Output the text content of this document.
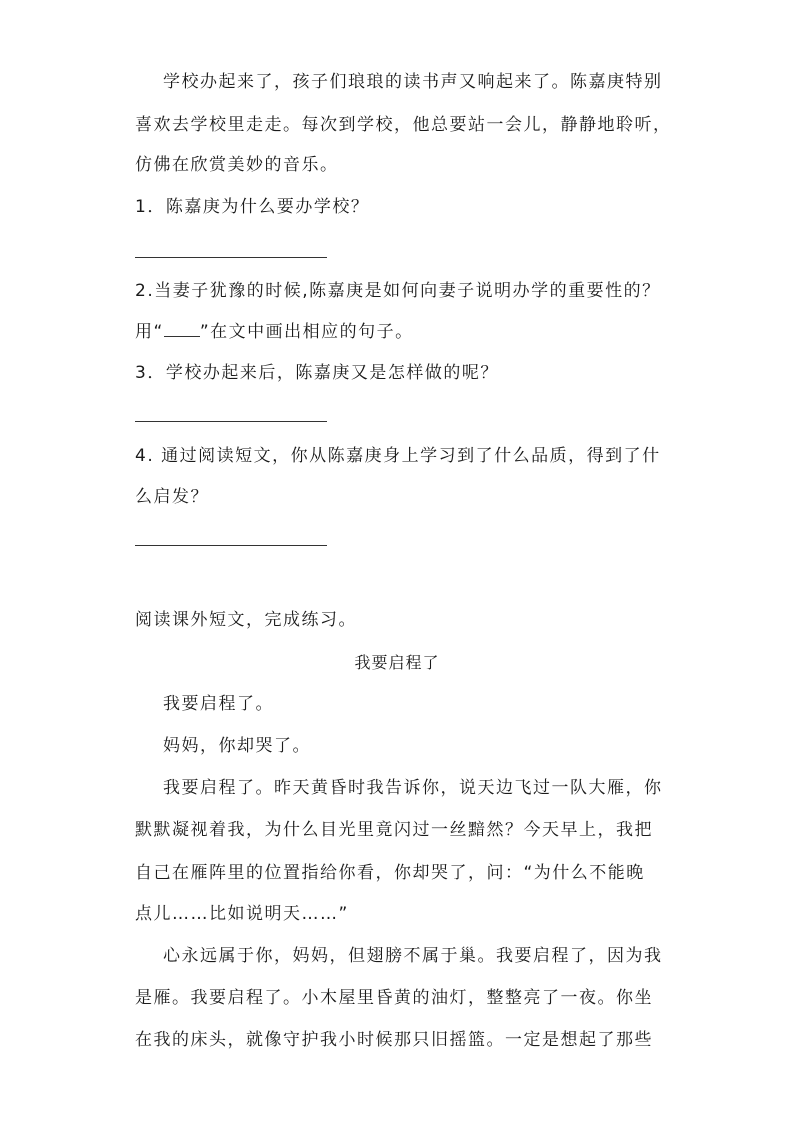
学校办起来了，孩子们琅琅的读书声又响起来了。陈嘉庚特别
喜欢去学校里走走。每次到学校，他总要站一会儿，静静地聆听，
仿佛在欣赏美妙的音乐。
1．陈嘉庚为什么要办学校？
2.当妻子犹豫的时候,陈嘉庚是如何向妻子说明办学的重要性的？
用“ ”在文中画出相应的句子。
3．学校办起来后，陈嘉庚又是怎样做的呢？
4. 通过阅读短文，你从陈嘉庚身上学习到了什么品质，得到了什
么启发？
阅读课外短文，完成练习。
我要启程了
我要启程了。
妈妈，你却哭了。
我要启程了。昨天黄昏时我告诉你，说天边飞过一队大雁，你
默默凝视着我，为什么目光里竟闪过一丝黯然？今天早上，我把
自己在雁阵里的位置指给你看，你却哭了，问：“为什么不能晚
点儿……比如说明天……”
心永远属于你，妈妈，但翅膀不属于巢。我要启程了，因为我
是雁。我要启程了。小木屋里昏黄的油灯，整整亮了一夜。你坐
在我的床头，就像守护我小时候那只旧摇篮。一定是想起了那些
